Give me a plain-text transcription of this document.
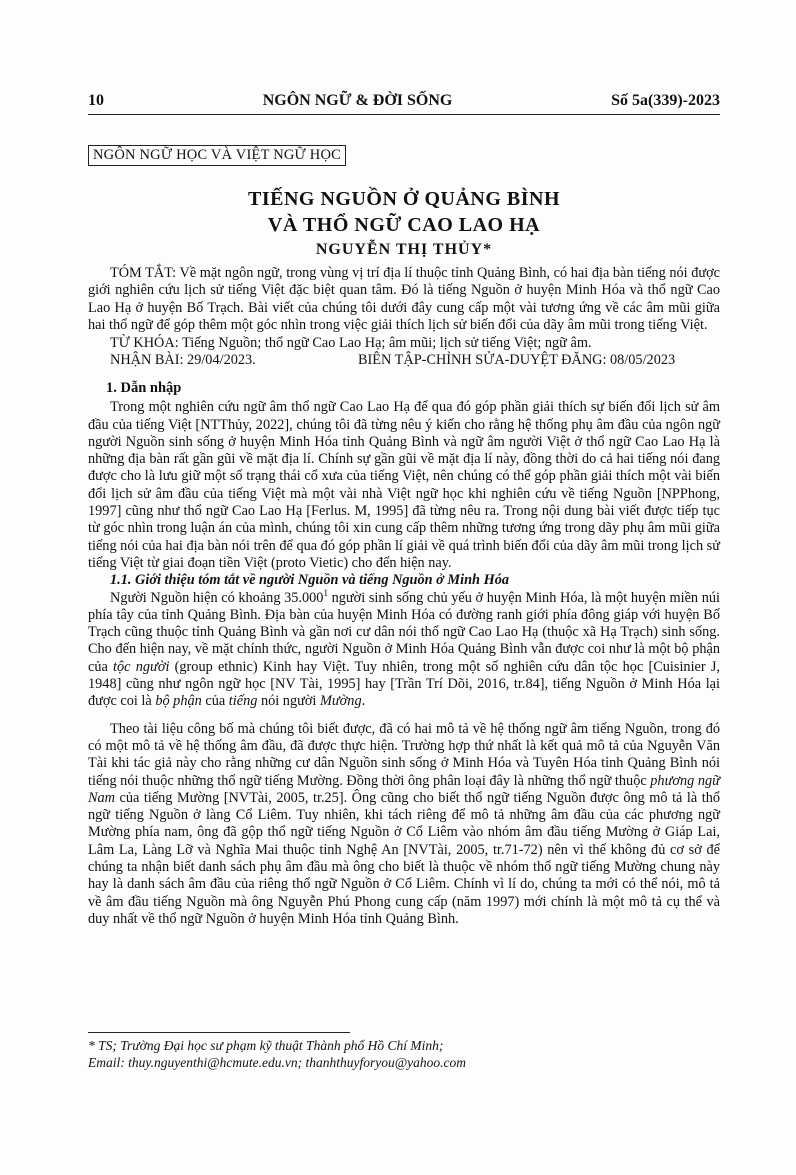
10	NGÔN NGỮ & ĐỜI SỐNG	Số 5a(339)-2023
NGÔN NGỮ HỌC VÀ VIỆT NGỮ HỌC
TIẾNG NGUỒN Ở QUẢNG BÌNH
VÀ THỔ NGỮ CAO LAO HẠ
NGUYỄN THỊ THỦY*

TÓM TẮT: Về mặt ngôn ngữ, trong vùng vị trí địa lí thuộc tỉnh Quảng Bình, có hai địa bàn tiếng nói được giới nghiên cứu lịch sử tiếng Việt đặc biệt quan tâm. Đó là tiếng Nguồn ở huyện Minh Hóa và thổ ngữ Cao Lao Hạ ở huyện Bố Trạch. Bài viết của chúng tôi dưới đây cung cấp một vài tương ứng về các âm mũi giữa hai thổ ngữ để góp thêm một góc nhìn trong việc giải thích lịch sử biến đổi của dãy âm mũi trong tiếng Việt.

TỪ KHÓA: Tiếng Nguồn; thổ ngữ Cao Lao Hạ; âm mũi; lịch sử tiếng Việt; ngữ âm.

NHẬN BÀI: 29/04/2023.	BIÊN TẬP-CHỈNH SỬA-DUYỆT ĐĂNG: 08/05/2023
1. Dẫn nhập

Trong một nghiên cứu ngữ âm thổ ngữ Cao Lao Hạ để qua đó góp phần giải thích sự biến đổi lịch sử âm đầu của tiếng Việt [NTThủy, 2022], chúng tôi đã từng nêu ý kiến cho rằng hệ thống phụ âm đầu của ngôn ngữ người Nguồn sinh sống ở huyện Minh Hóa tỉnh Quảng Bình và ngữ âm người Việt ở thổ ngữ Cao Lao Hạ là những địa bàn rất gần gũi về mặt địa lí. Chính sự gần gũi về mặt địa lí này, đồng thời do cả hai tiếng nói đang được cho là lưu giữ một số trạng thái cổ xưa của tiếng Việt, nên chúng có thể góp phần giải thích một vài biến đổi lịch sử âm đầu của tiếng Việt mà một vài nhà Việt ngữ học khi nghiên cứu về tiếng Nguồn [NPPhong, 1997] cũng như thổ ngữ Cao Lao Hạ [Ferlus. M, 1995] đã từng nêu ra. Trong nội dung bài viết được tiếp tục từ góc nhìn trong luận án của mình, chúng tôi xin cung cấp thêm những tương ứng trong dãy phụ âm mũi giữa tiếng nói của hai địa bàn nói trên để qua đó góp phần lí giải về quá trình biến đổi của dãy âm mũi trong lịch sử tiếng Việt từ giai đoạn tiền Việt (proto Vietic) cho đến hiện nay.

1.1. Giới thiệu tóm tắt về người Nguồn và tiếng Nguồn ở Minh Hóa

Người Nguồn hiện có khoảng 35.000$^1$ người sinh sống chủ yếu ở huyện Minh Hóa, là một huyện miền núi phía tây của tỉnh Quảng Bình. Địa bàn của huyện Minh Hóa có đường ranh giới phía đông giáp với huyện Bố Trạch cũng thuộc tỉnh Quảng Bình và gần nơi cư dân nói thổ ngữ Cao Lao Hạ (thuộc xã Hạ Trạch) sinh sống. Cho đến hiện nay, về mặt chính thức, người Nguồn ở Minh Hóa Quảng Bình vẫn được coi như là một bộ phận của tộc người (group ethnic) Kinh hay Việt. Tuy nhiên, trong một số nghiên cứu dân tộc học [Cuisinier J, 1948] cũng như ngôn ngữ học [NV Tài, 1995] hay [Trần Trí Dõi, 2016, tr.84], tiếng Nguồn ở Minh Hóa lại được coi là bộ phận của tiếng nói người Mường.

Theo tài liệu công bố mà chúng tôi biết được, đã có hai mô tả về hệ thống ngữ âm tiếng Nguồn, trong đó có một mô tả về hệ thống âm đầu, đã được thực hiện. Trường hợp thứ nhất là kết quả mô tả của Nguyễn Văn Tài khi tác giả này cho rằng những cư dân Nguồn sinh sống ở Minh Hóa và Tuyên Hóa tỉnh Quảng Bình nói tiếng nói thuộc những thổ ngữ tiếng Mường. Đồng thời ông phân loại đây là những thổ ngữ thuộc phương ngữ Nam của tiếng Mường [NVTài, 2005, tr.25]. Ông cũng cho biết thổ ngữ tiếng Nguồn được ông mô tả là thổ ngữ tiếng Nguồn ở làng Cổ Liêm. Tuy nhiên, khi tách riêng để mô tả những âm đầu của các phương ngữ Mường phía nam, ông đã gộp thổ ngữ tiếng Nguồn ở Cổ Liêm vào nhóm âm đầu tiếng Mường ở Giáp Lai, Lâm La, Làng Lỡ và Nghĩa Mai thuộc tỉnh Nghệ An [NVTài, 2005, tr.71-72) nên vì thế không đủ cơ sở để chúng ta nhận biết danh sách phụ âm đầu mà ông cho biết là thuộc về nhóm thổ ngữ tiếng Mường chung này hay là danh sách âm đầu của riêng thổ ngữ Nguồn ở Cổ Liêm. Chính vì lí do, chúng ta mới có thể nói, mô tả về âm đầu tiếng Nguồn mà ông Nguyễn Phú Phong cung cấp (năm 1997) mới chính là một mô tả cụ thể và duy nhất về thổ ngữ Nguồn ở huyện Minh Hóa tỉnh Quảng Bình.

* TS; Trường Đại học sư phạm kỹ thuật Thành phố Hồ Chí Minh;
Email: thuy.nguyenthi@hcmute.edu.vn; thanhthuyforyou@yahoo.com
